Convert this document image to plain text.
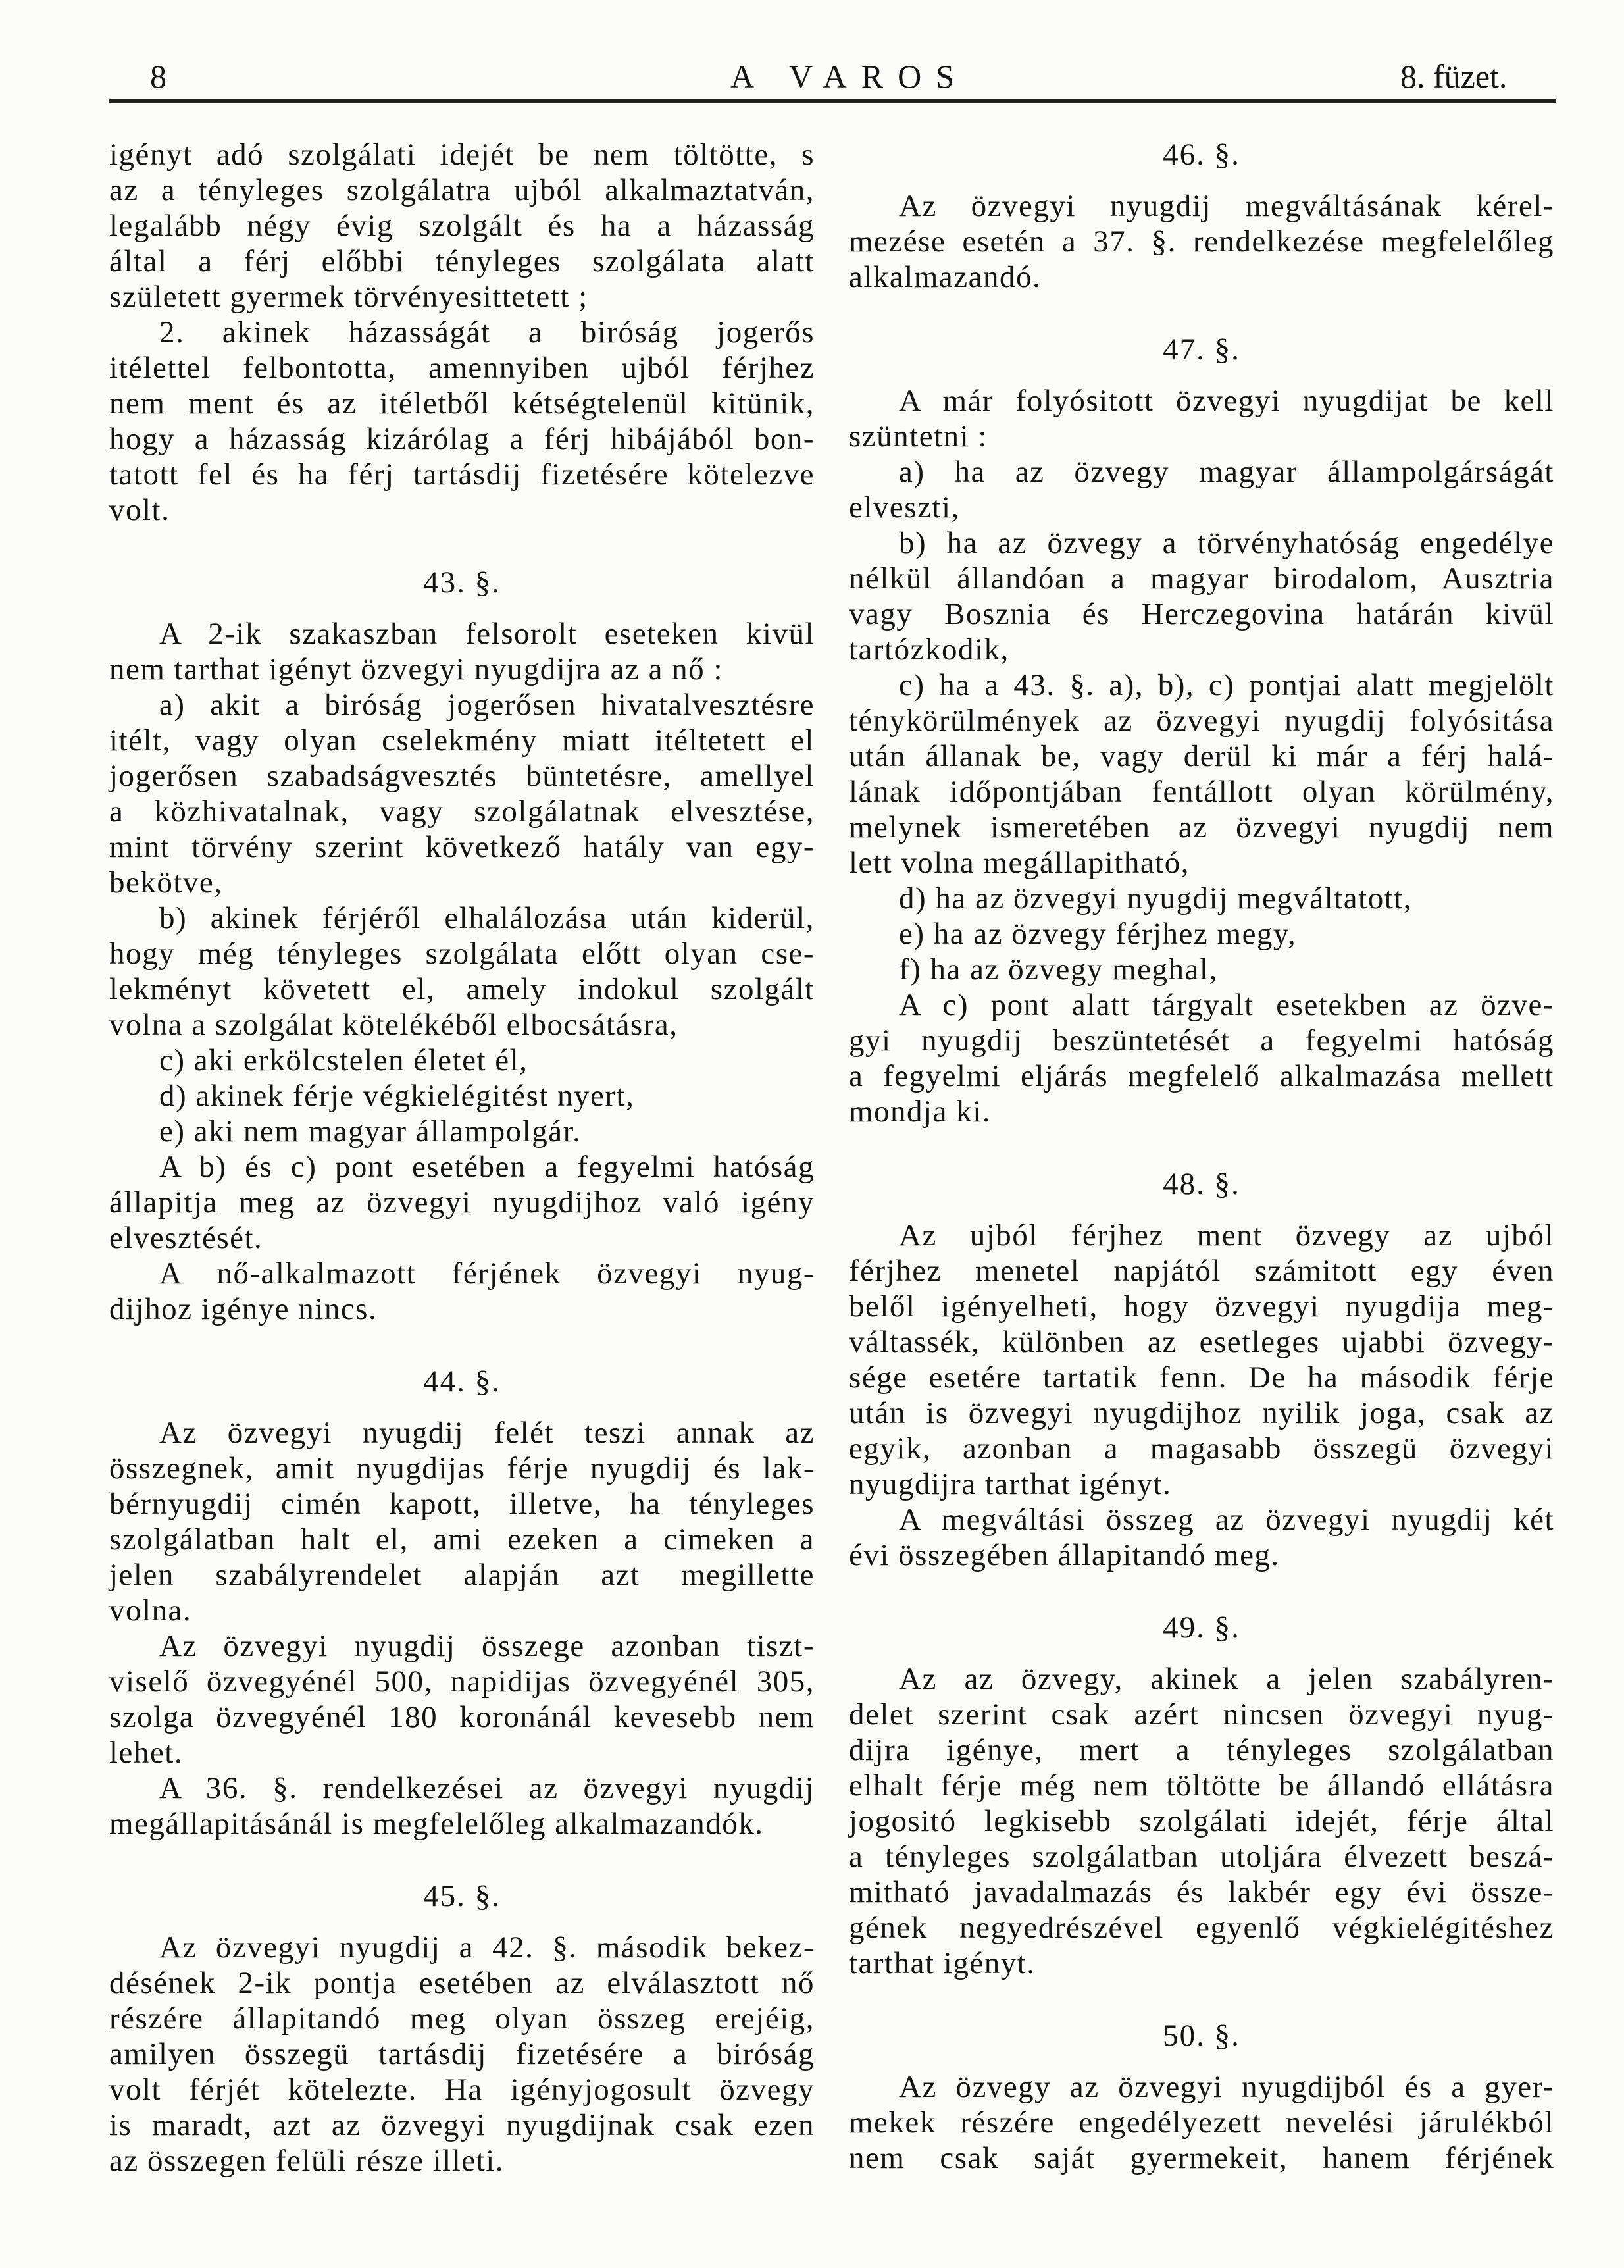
8	A VAROS	8. füzet.
igényt adó szolgálati idejét be nem töltötte, s
az a tényleges szolgálatra ujból alkalmaztatván,
legalább négy évig szolgált és ha a házasság
által a férj előbbi tényleges szolgálata alatt
született gyermek törvényesittetett ;
2. akinek házasságát a biróság jogerős
itélettel felbontotta, amennyiben ujból férjhez
nem ment és az itéletből kétségtelenül kitünik,
hogy a házasság kizárólag a férj hibájából bon-
tatott fel és ha férj tartásdij fizetésére kötelezve
volt.
43. §.
A 2-ik szakaszban felsorolt eseteken kivül
nem tarthat igényt özvegyi nyugdijra az a nő :
a) akit a biróság jogerősen hivatalvesztésre
itélt, vagy olyan cselekmény miatt itéltetett el
jogerősen szabadságvesztés büntetésre, amellyel
a közhivatalnak, vagy szolgálatnak elvesztése,
mint törvény szerint következő hatály van egy-
bekötve,
b) akinek férjéről elhalálozása után kiderül,
hogy még tényleges szolgálata előtt olyan cse-
lekményt követett el, amely indokul szolgált
volna a szolgálat kötelékéből elbocsátásra,
c) aki erkölcstelen életet él,
d) akinek férje végkielégitést nyert,
e) aki nem magyar állampolgár.
A b) és c) pont esetében a fegyelmi hatóság
állapitja meg az özvegyi nyugdijhoz való igény
elvesztését.
A nő-alkalmazott férjének özvegyi nyug-
dijhoz igénye nincs.
44. §.
Az özvegyi nyugdij felét teszi annak az
összegnek, amit nyugdijas férje nyugdij és lak-
bérnyugdij cimén kapott, illetve, ha tényleges
szolgálatban halt el, ami ezeken a cimeken a
jelen szabályrendelet alapján azt megillette
volna.
Az özvegyi nyugdij összege azonban tiszt-
viselő özvegyénél 500, napidijas özvegyénél 305,
szolga özvegyénél 180 koronánál kevesebb nem
lehet.
A 36. §. rendelkezései az özvegyi nyugdij
megállapitásánál is megfelelőleg alkalmazandók.
45. §.
Az özvegyi nyugdij a 42. §. második bekez-
désének 2-ik pontja esetében az elválasztott nő
részére állapitandó meg olyan összeg erejéig,
amilyen összegü tartásdij fizetésére a biróság
volt férjét kötelezte. Ha igényjogosult özvegy
is maradt, azt az özvegyi nyugdijnak csak ezen
az összegen felüli része illeti.
46. §.
Az özvegyi nyugdij megváltásának kérel-
mezése esetén a 37. §. rendelkezése megfelelőleg
alkalmazandó.
47. §.
A már folyósitott özvegyi nyugdijat be kell
szüntetni :
a) ha az özvegy magyar állampolgárságát
elveszti,
b) ha az özvegy a törvényhatóság engedélye
nélkül állandóan a magyar birodalom, Ausztria
vagy Bosznia és Herczegovina határán kivül
tartózkodik,
c) ha a 43. §. a), b), c) pontjai alatt megjelölt
ténykörülmények az özvegyi nyugdij folyósitása
után állanak be, vagy derül ki már a férj halá-
lának időpontjában fentállott olyan körülmény,
melynek ismeretében az özvegyi nyugdij nem
lett volna megállapitható,
d) ha az özvegyi nyugdij megváltatott,
e) ha az özvegy férjhez megy,
f) ha az özvegy meghal,
A c) pont alatt tárgyalt esetekben az özve-
gyi nyugdij beszüntetését a fegyelmi hatóság
a fegyelmi eljárás megfelelő alkalmazása mellett
mondja ki.
48. §.
Az ujból férjhez ment özvegy az ujból
férjhez menetel napjától számitott egy éven
belől igényelheti, hogy özvegyi nyugdija meg-
váltassék, különben az esetleges ujabbi özvegy-
sége esetére tartatik fenn. De ha második férje
után is özvegyi nyugdijhoz nyilik joga, csak az
egyik, azonban a magasabb összegü özvegyi
nyugdijra tarthat igényt.
A megváltási összeg az özvegyi nyugdij két
évi összegében állapitandó meg.
49. §.
Az az özvegy, akinek a jelen szabályren-
delet szerint csak azért nincsen özvegyi nyug-
dijra igénye, mert a tényleges szolgálatban
elhalt férje még nem töltötte be állandó ellátásra
jogositó legkisebb szolgálati idejét, férje által
a tényleges szolgálatban utoljára élvezett beszá-
mitható javadalmazás és lakbér egy évi össze-
gének negyedrészével egyenlő végkielégitéshez
tarthat igényt.
50. §.
Az özvegy az özvegyi nyugdijból és a gyer-
mekek részére engedélyezett nevelési járulékból
nem csak saját gyermekeit, hanem férjének
